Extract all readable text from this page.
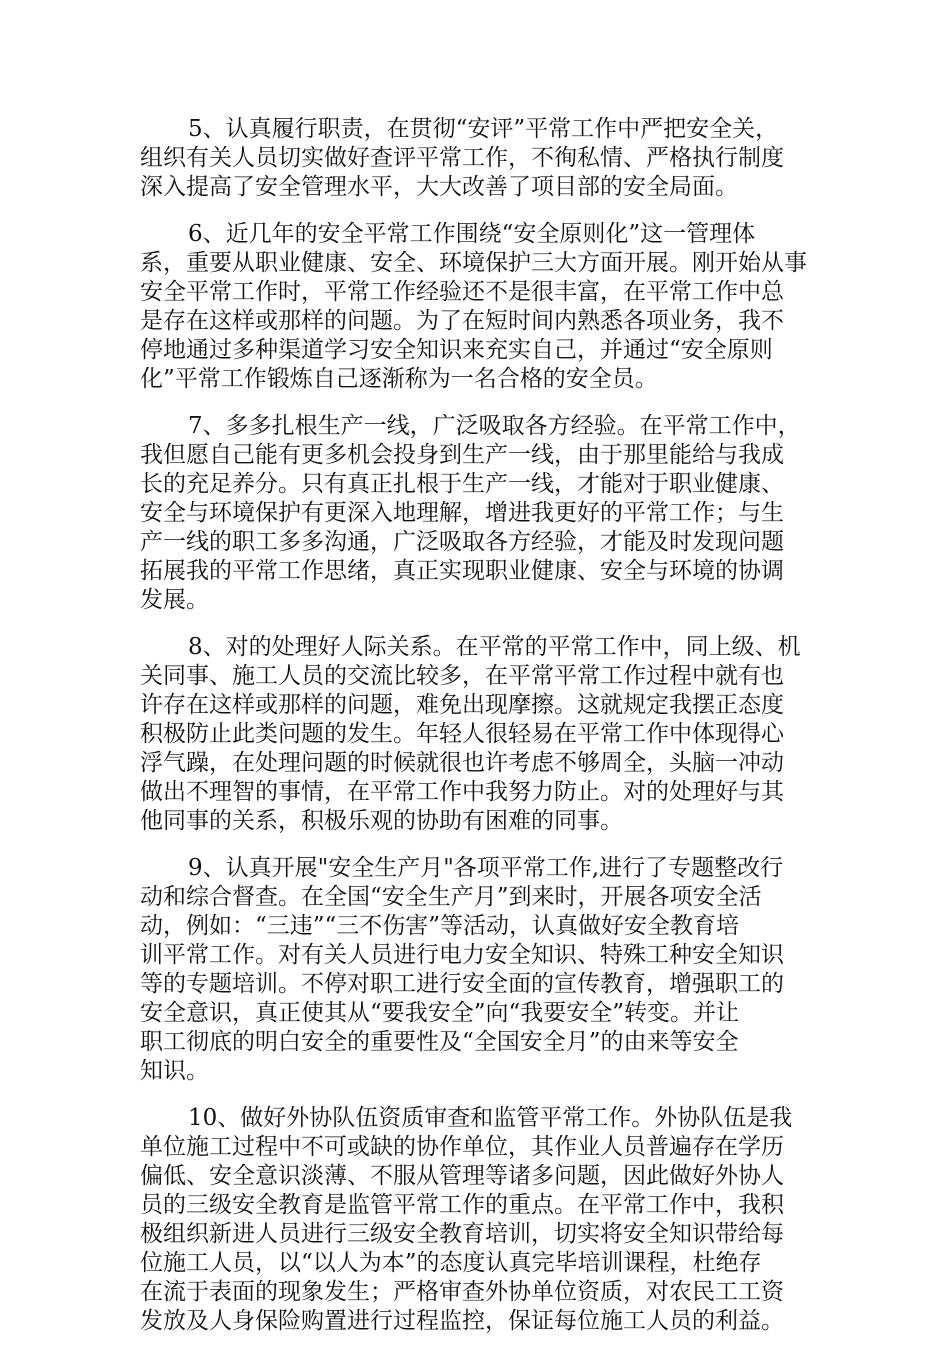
5、认真履行职责，在贯彻“安评”平常工作中严把安全关，
组织有关人员切实做好查评平常工作，不徇私情、严格执行制度
深入提高了安全管理水平，大大改善了项目部的安全局面。
6、近几年的安全平常工作围绕“安全原则化”这一管理体
系，重要从职业健康、安全、环境保护三大方面开展。刚开始从事
安全平常工作时，平常工作经验还不是很丰富，在平常工作中总
是存在这样或那样的问题。为了在短时间内熟悉各项业务，我不
停地通过多种渠道学习安全知识来充实自己，并通过“安全原则
化”平常工作锻炼自己逐渐称为一名合格的安全员。
7、多多扎根生产一线，广泛吸取各方经验。在平常工作中，
我但愿自己能有更多机会投身到生产一线，由于那里能给与我成
长的充足养分。只有真正扎根于生产一线，才能对于职业健康、
安全与环境保护有更深入地理解，增进我更好的平常工作；与生
产一线的职工多多沟通，广泛吸取各方经验，才能及时发现问题
拓展我的平常工作思绪，真正实现职业健康、安全与环境的协调
发展。
8、对的处理好人际关系。在平常的平常工作中，同上级、机
关同事、施工人员的交流比较多，在平常平常工作过程中就有也
许存在这样或那样的问题，难免出现摩擦。这就规定我摆正态度
积极防止此类问题的发生。年轻人很轻易在平常工作中体现得心
浮气躁，在处理问题的时候就很也许考虑不够周全，头脑一冲动
做出不理智的事情，在平常工作中我努力防止。对的处理好与其
他同事的关系，积极乐观的协助有困难的同事。
9、认真开展"安全生产月"各项平常工作,进行了专题整改行
动和综合督查。在全国“安全生产月”到来时，开展各项安全活
动，例如：“三违”“三不伤害”等活动，认真做好安全教育培
训平常工作。对有关人员进行电力安全知识、特殊工种安全知识
等的专题培训。不停对职工进行安全面的宣传教育，增强职工的
安全意识，真正使其从“要我安全”向“我要安全”转变。并让
职工彻底的明白安全的重要性及“全国安全月”的由来等安全
知识。
10、做好外协队伍资质审查和监管平常工作。外协队伍是我
单位施工过程中不可或缺的协作单位，其作业人员普遍存在学历
偏低、安全意识淡薄、不服从管理等诸多问题，因此做好外协人
员的三级安全教育是监管平常工作的重点。在平常工作中，我积
极组织新进人员进行三级安全教育培训，切实将安全知识带给每
位施工人员，以“以人为本”的态度认真完毕培训课程，杜绝存
在流于表面的现象发生；严格审查外协单位资质，对农民工工资
发放及人身保险购置进行过程监控，保证每位施工人员的利益。
